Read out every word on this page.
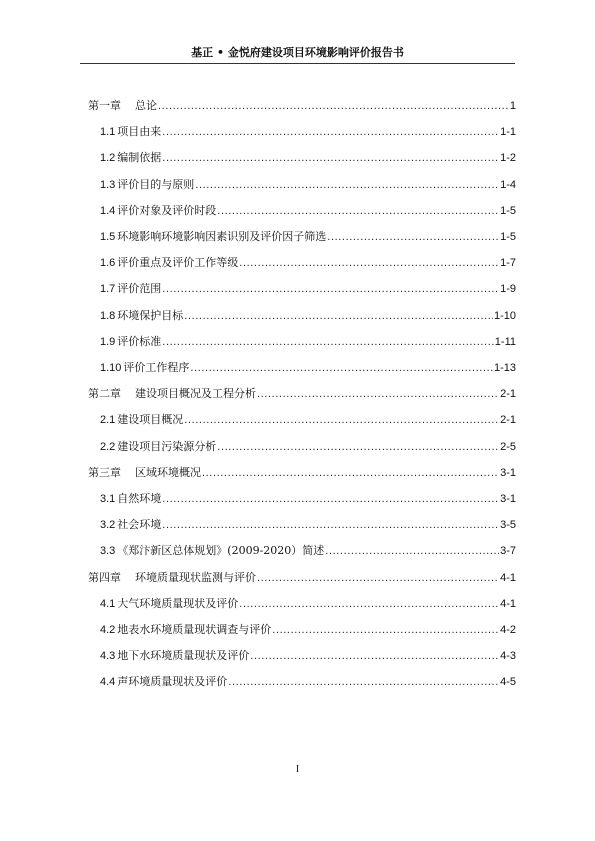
基正 • 金悦府建设项目环境影响评价报告书
第一章	总论 .....	1
1.1 项目由来 .....	1-1
1.2 编制依据 .....	1-2
1.3 评价目的与原则 .....	1-4
1.4 评价对象及评价时段 .....	1-5
1.5 环境影响环境影响因素识别及评价因子筛选 .....	1-5
1.6 评价重点及评价工作等级 .....	1-7
1.7 评价范围 .....	1-9
1.8 环境保护目标 .....	1-10
1.9 评价标准 .....	1-11
1.10 评价工作程序 .....	1-13
第二章	建设项目概况及工程分析 .....	2-1
2.1 建设项目概况 .....	2-1
2.2 建设项目污染源分析 .....	2-5
第三章	区域环境概况 .....	3-1
3.1 自然环境 .....	3-1
3.2 社会环境 .....	3-5
3.3 《郑汴新区总体规划》(2009-2020）简述 .....	3-7
第四章	环境质量现状监测与评价 .....	4-1
4.1 大气环境质量现状及评价 .....	4-1
4.2 地表水环境质量现状调查与评价 .....	4-2
4.3 地下水环境质量现状及评价 .....	4-3
4.4 声环境质量现状及评价 .....	4-5
I
